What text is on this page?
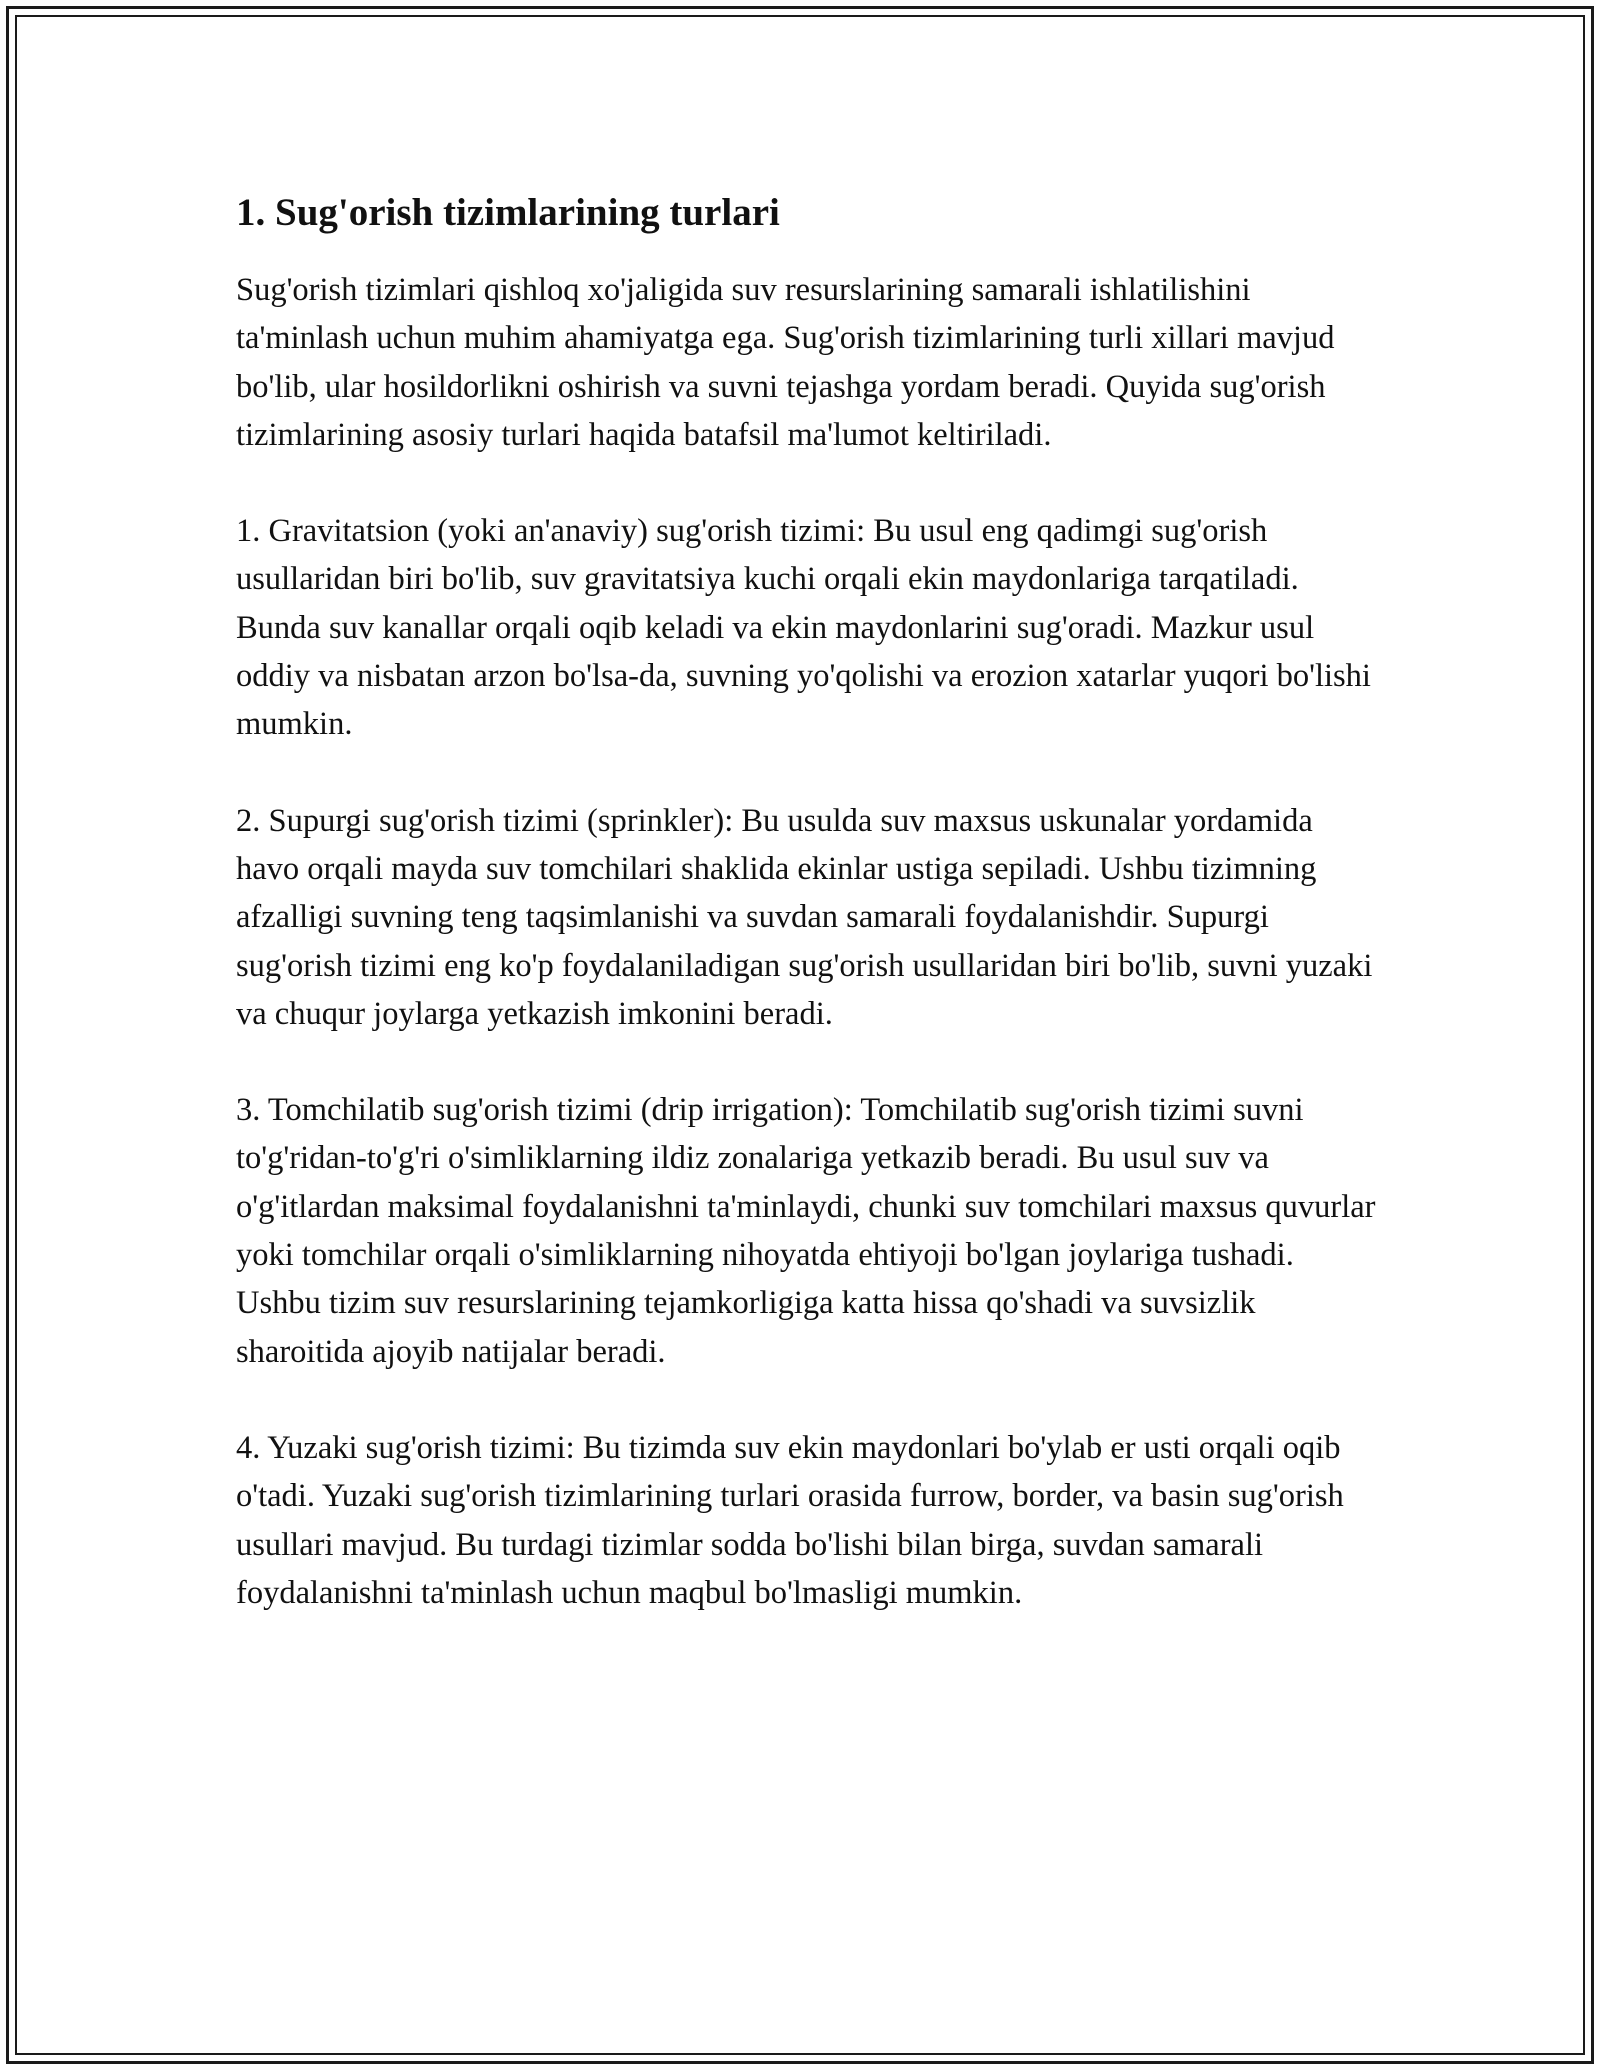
1. Sug'orish tizimlarining turlari

Sug'orish tizimlari qishloq xo'jaligida suv resurslarining samarali ishlatilishini ta'minlash uchun muhim ahamiyatga ega. Sug'orish tizimlarining turli xillari mavjud bo'lib, ular hosildorlikni oshirish va suvni tejashga yordam beradi. Quyida sug'orish tizimlarining asosiy turlari haqida batafsil ma'lumot keltiriladi.

1. Gravitatsion (yoki an'anaviy) sug'orish tizimi: Bu usul eng qadimgi sug'orish usullaridan biri bo'lib, suv gravitatsiya kuchi orqali ekin maydonlariga tarqatiladi. Bunda suv kanallar orqali oqib keladi va ekin maydonlarini sug'oradi. Mazkur usul oddiy va nisbatan arzon bo'lsa-da, suvning yo'qolishi va erozion xatarlar yuqori bo'lishi mumkin.

2. Supurgi sug'orish tizimi (sprinkler): Bu usulda suv maxsus uskunalar yordamida havo orqali mayda suv tomchilari shaklida ekinlar ustiga sepiladi. Ushbu tizimning afzalligi suvning teng taqsimlanishi va suvdan samarali foydalanishdir. Supurgi sug'orish tizimi eng ko'p foydalaniladigan sug'orish usullaridan biri bo'lib, suvni yuzaki va chuqur joylarga yetkazish imkonini beradi.

3. Tomchilatib sug'orish tizimi (drip irrigation): Tomchilatib sug'orish tizimi suvni to'g'ridan-to'g'ri o'simliklarning ildiz zonalariga yetkazib beradi. Bu usul suv va o'g'itlardan maksimal foydalanishni ta'minlaydi, chunki suv tomchilari maxsus quvurlar yoki tomchilar orqali o'simliklarning nihoyatda ehtiyoji bo'lgan joylariga tushadi. Ushbu tizim suv resurslarining tejamkorligiga katta hissa qo'shadi va suvsizlik sharoitida ajoyib natijalar beradi.

4. Yuzaki sug'orish tizimi: Bu tizimda suv ekin maydonlari bo'ylab er usti orqali oqib o'tadi. Yuzaki sug'orish tizimlarining turlari orasida furrow, border, va basin sug'orish usullari mavjud. Bu turdagi tizimlar sodda bo'lishi bilan birga, suvdan samarali foydalanishni ta'minlash uchun maqbul bo'lmasligi mumkin.
